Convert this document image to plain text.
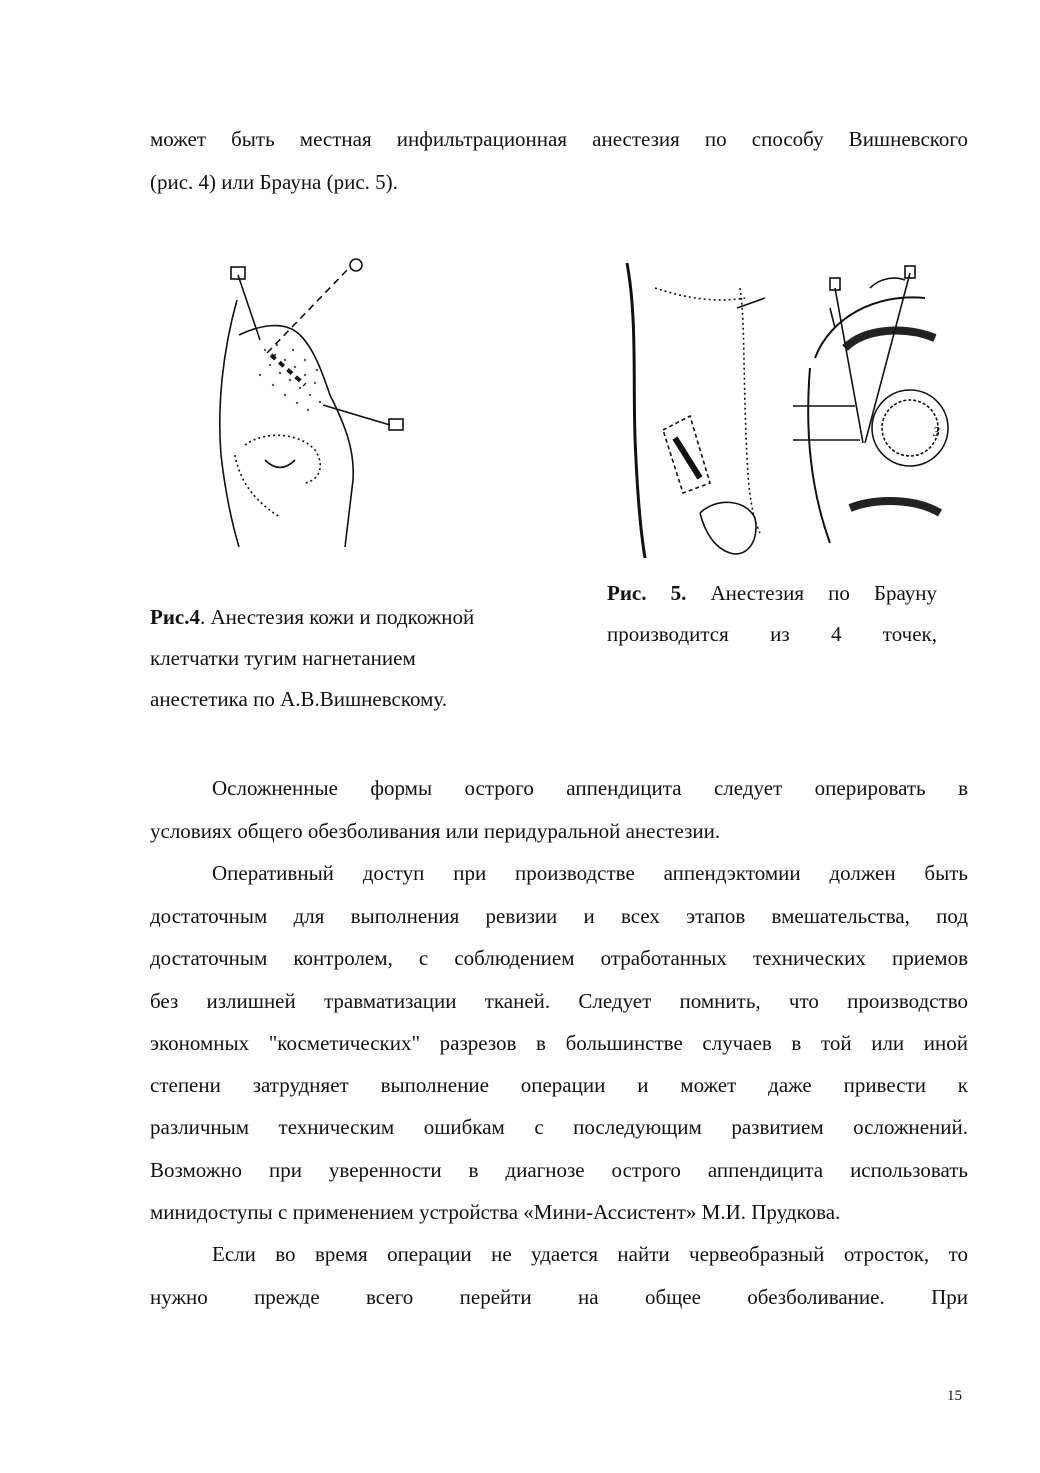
может быть местная инфильтрационная анестезия по способу Вишневского

(рис. 4) или Брауна (рис. 5).

3
Рис.4. Анестезия кожи и подкожной
клетчатки тугим нагнетанием
анестетика по А.В.Вишневскому.
Рис. 5. Анестезия по Брауну
производится из 4 точек,

Осложненные формы острого аппендицита следует оперировать в

условиях общего обезболивания или перидуральной анестезии.

Оперативный доступ при производстве аппендэктомии должен быть

достаточным для выполнения ревизии и всех этапов вмешательства, под

достаточным контролем, с соблюдением отработанных технических приемов

без излишней травматизации тканей. Следует помнить, что производство

экономных "косметических" разрезов в большинстве случаев в той или иной

степени затрудняет выполнение операции и может даже привести к

различным техническим ошибкам с последующим развитием осложнений.

Возможно при уверенности в диагнозе острого аппендицита использовать

минидоступы с применением устройства «Мини-Ассистент» М.И. Прудкова.

Если во время операции не удается найти червеобразный отросток, то

нужно прежде всего перейти на общее обезболивание. При

15
